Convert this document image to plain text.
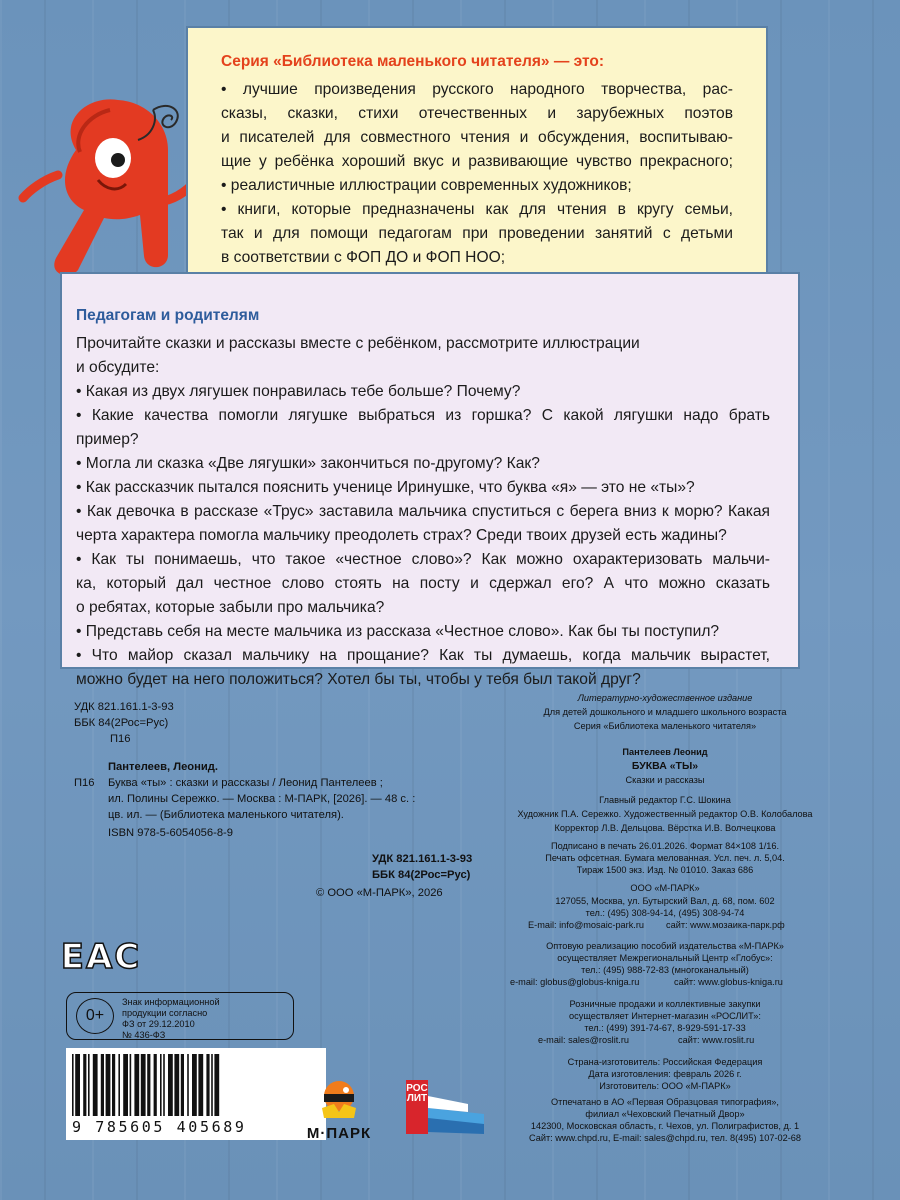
Серия «Библиотека маленького читателя» — это:
• лучшие произведения русского народного творчества, рас-
сказы, сказки, стихи отечественных и зарубежных поэтов
и писателей для совместного чтения и обсуждения, воспитываю-
щие у ребёнка хороший вкус и развивающие чувство прекрасного;
• реалистичные иллюстрации современных художников;
• книги, которые предназначены как для чтения в кругу семьи,
так и для помощи педагогам при проведении занятий с детьми
в соответствии с ФОП ДО и ФОП НОО;
Педагогам и родителям
Прочитайте сказки и рассказы вместе с ребёнком, рассмотрите иллюстрации
и обсудите:
• Какая из двух лягушек понравилась тебе больше? Почему?
• Какие качества помогли лягушке выбраться из горшка? С какой лягушки надо брать
пример?
• Могла ли сказка «Две лягушки» закончиться по-другому? Как?
• Как рассказчик пытался пояснить ученице Иринушке, что буква «я» — это не «ты»?
• Как девочка в рассказе «Трус» заставила мальчика спуститься с берега вниз к морю? Какая
черта характера помогла мальчику преодолеть страх? Среди твоих друзей есть жадины?
• Как ты понимаешь, что такое «честное слово»? Как можно охарактеризовать мальчи-
ка, который дал честное слово стоять на посту и сдержал его? А что можно сказать
о ребятах, которые забыли про мальчика?
• Представь себя на месте мальчика из рассказа «Честное слово». Как бы ты поступил?
• Что майор сказал мальчику на прощание? Как ты думаешь, когда мальчик вырастет,
можно будет на него положиться? Хотел бы ты, чтобы у тебя был такой друг?
УДК 821.161.1-3-93
ББК 84(2Рос=Рус)
П16
Пантелеев, Леонид.
П16 Буква «ты» : сказки и рассказы / Леонид Пантелеев ;
ил. Полины Сережко. — Москва : М-ПАРК, [2026]. — 48 с. :
цв. ил. — (Библиотека маленького читателя).
ISBN 978-5-6054056-8-9
УДК 821.161.1-3-93
ББК 84(2Рос=Рус)
© ООО «М-ПАРК», 2026
Литературно-художественное издание
Для детей дошкольного и младшего школьного возраста
Серия «Библиотека маленького читателя»
Пантелеев Леонид
БУКВА «ТЫ»
Сказки и рассказы
Главный редактор Г.С. Шокина
Художник П.А. Сережко. Художественный редактор О.В. Колобалова
Корректор Л.В. Дельцова. Вёрстка И.В. Волчецкова
Подписано в печать 26.01.2026. Формат 84×108 1/16.
Печать офсетная. Бумага мелованная. Усл. печ. л. 5,04.
Тираж 1500 экз. Изд. № 01010. Заказ 686
ООО «М-ПАРК»
127055, Москва, ул. Бутырский Вал, д. 68, пом. 602
тел.: (495) 308-94-14, (495) 308-94-74
E-mail: info@mosaic-park.ru сайт: www.мозаика-парк.рф
Оптовую реализацию пособий издательства «М-ПАРК»
осуществляет Межрегиональный Центр «Глобус»:
тел.: (495) 988-72-83 (многоканальный)
e-mail: globus@globus-kniga.ru	сайт: www.globus-kniga.ru
Розничные продажи и коллективные закупки
осуществляет Интернет-магазин «РОСЛИТ»:
тел.: (499) 391-74-67, 8-929-591-17-33
e-mail: sales@roslit.ru	сайт: www.roslit.ru
Страна-изготовитель: Российская Федерация
Дата изготовления: февраль 2026 г.
Изготовитель: ООО «М-ПАРК»
Отпечатано в АО «Первая Образцовая типография»,
филиал «Чеховский Печатный Двор»
142300, Московская область, г. Чехов, ул. Полиграфистов, д. 1
Сайт: www.chpd.ru, E-mail: sales@chpd.ru, тел. 8(495) 107-02-68
EAC
0+
Знак информационной
продукции согласно
ФЗ от 29.12.2010
№ 436-ФЗ
9 785605 405689	М·ПАРК
РОС ЛИТ
